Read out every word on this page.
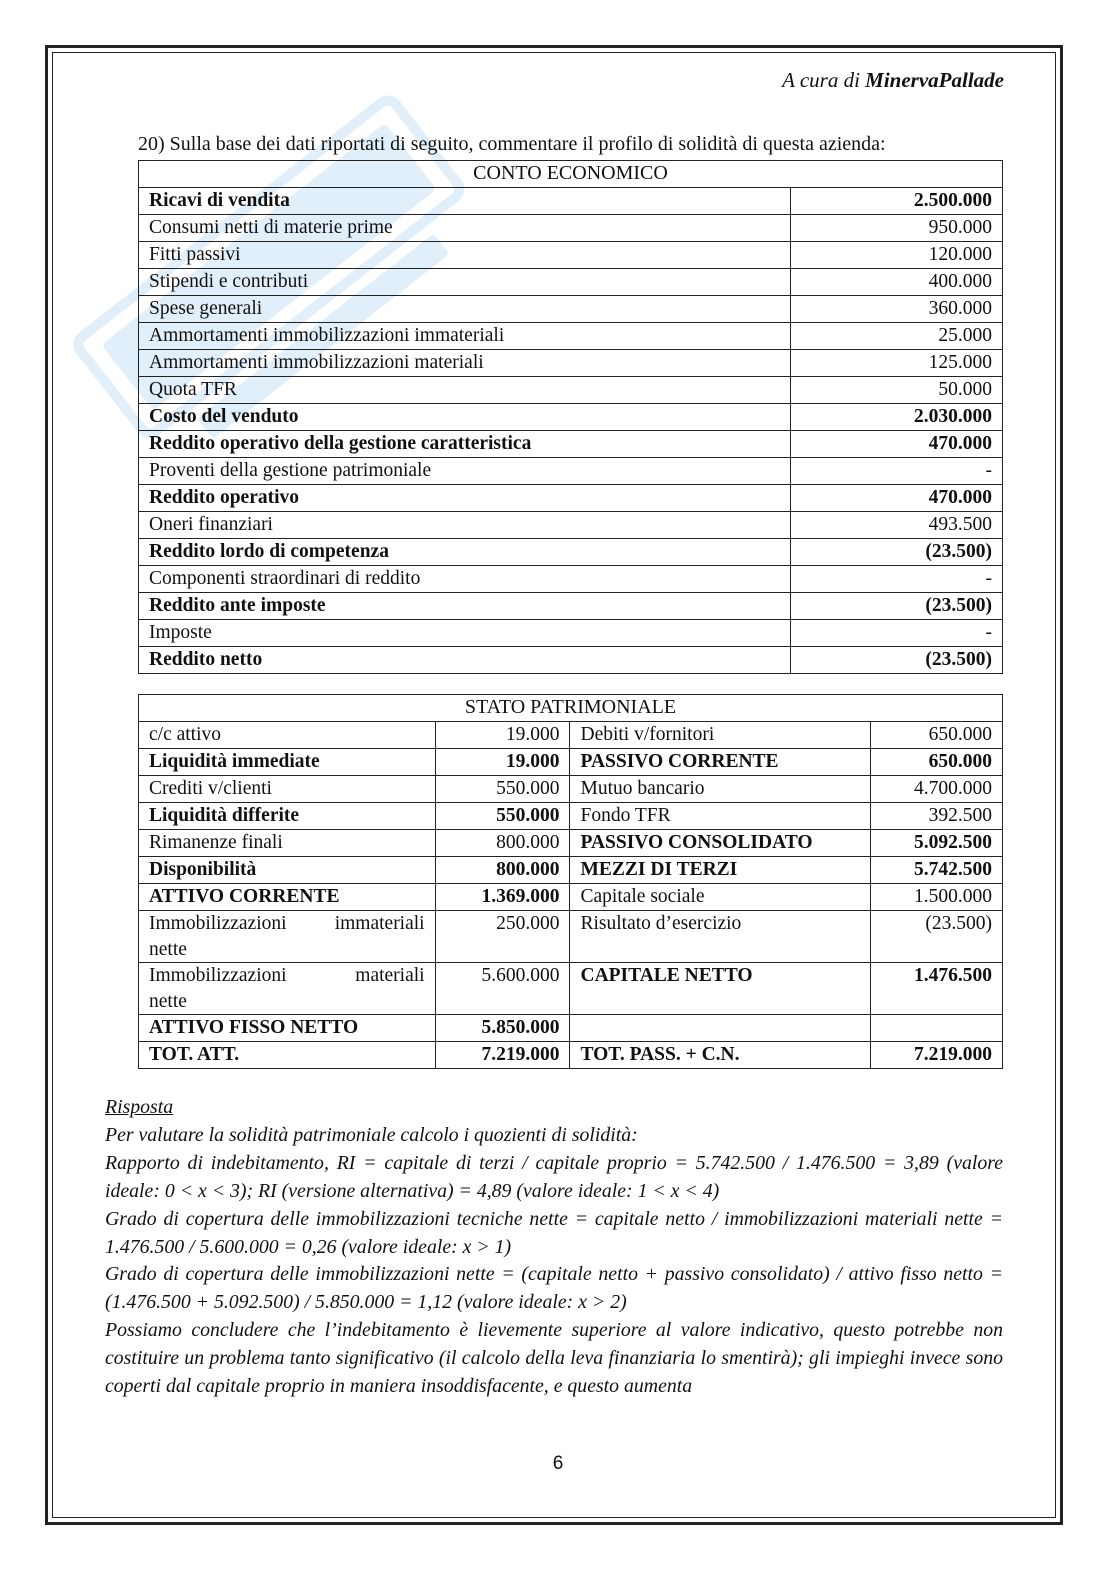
A cura di MinervaPallade
20) Sulla base dei dati riportati di seguito, commentare il profilo di solidità di questa azienda:
CONTO ECONOMICO	
Ricavi di vendita	2.500.000
Consumi netti di materie prime	950.000
Fitti passivi	120.000
Stipendi e contributi	400.000
Spese generali	360.000
Ammortamenti immobilizzazioni immateriali	25.000
Ammortamenti immobilizzazioni materiali	125.000
Quota TFR	50.000
Costo del venduto	2.030.000
Reddito operativo della gestione caratteristica	470.000
Proventi della gestione patrimoniale	-
Reddito operativo	470.000
Oneri finanziari	493.500
Reddito lordo di competenza	(23.500)
Componenti straordinari di reddito	-
Reddito ante imposte	(23.500)
Imposte	-
Reddito netto	(23.500)
STATO PATRIMONIALE			
c/c attivo	19.000	Debiti v/fornitori	650.000
Liquidità immediate	19.000	PASSIVO CORRENTE	650.000
Crediti v/clienti	550.000	Mutuo bancario	4.700.000
Liquidità differite	550.000	Fondo TFR	392.500
Rimanenze finali	800.000	PASSIVO CONSOLIDATO	5.092.500
Disponibilità	800.000	MEZZI DI TERZI	5.742.500
ATTIVO CORRENTE	1.369.000	Capitale sociale	1.500.000

Immobilizzazioni immateriali
nette	250.000	Risultato d’esercizio	(23.500)

Immobilizzazioni materiali
nette	5.600.000	CAPITALE NETTO	1.476.500
ATTIVO FISSO NETTO	5.850.000		
TOT. ATT.	7.219.000	TOT. PASS. + C.N.	7.219.000

Risposta

Per valutare la solidità patrimoniale calcolo i quozienti di solidità:

Rapporto di indebitamento, RI = capitale di terzi / capitale proprio = 5.742.500 / 1.476.500 = 3,89 (valore ideale: 0 < x < 3); RI (versione alternativa) = 4,89 (valore ideale: 1 < x < 4)

Grado di copertura delle immobilizzazioni tecniche nette = capitale netto / immobilizzazioni materiali nette = 1.476.500 / 5.600.000 = 0,26 (valore ideale: x > 1)

Grado di copertura delle immobilizzazioni nette = (capitale netto + passivo consolidato) / attivo fisso netto = (1.476.500 + 5.092.500) / 5.850.000 = 1,12 (valore ideale: x > 2)

Possiamo concludere che l’indebitamento è lievemente superiore al valore indicativo, questo potrebbe non costituire un problema tanto significativo (il calcolo della leva finanziaria lo smentirà); gli impieghi invece sono coperti dal capitale proprio in maniera insoddisfacente, e questo aumenta

6
